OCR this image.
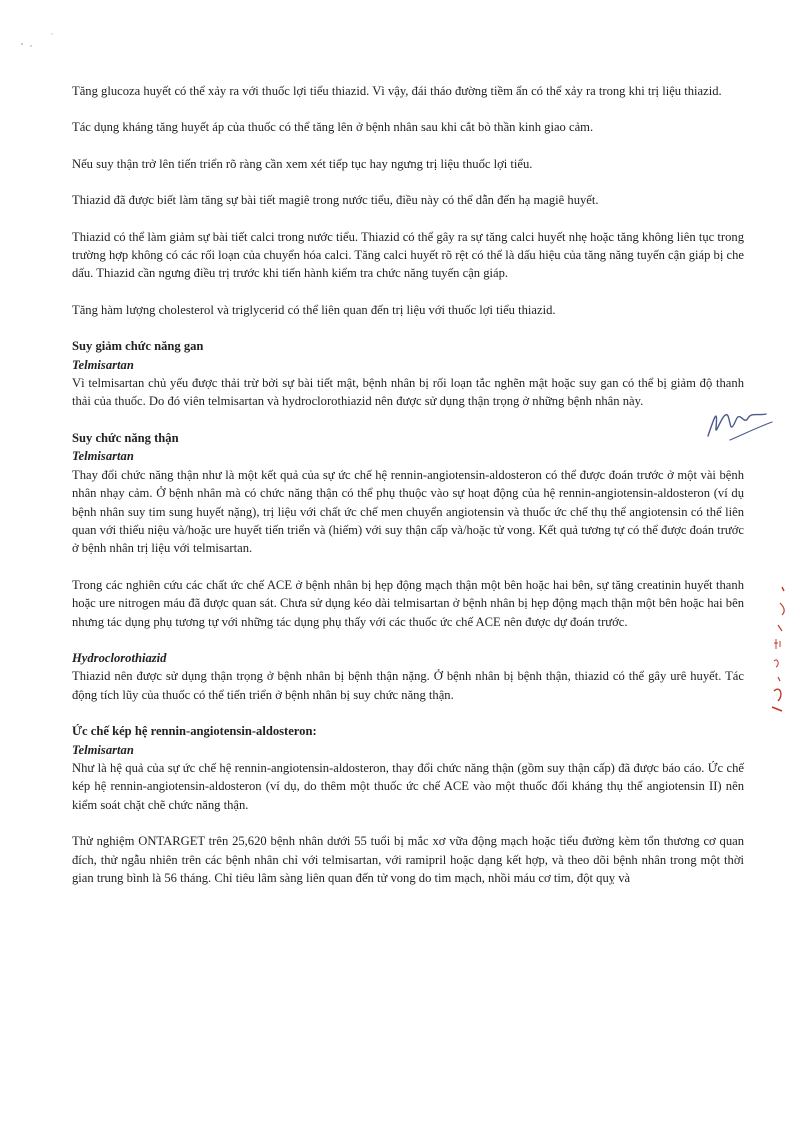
Tăng glucoza huyết có thể xảy ra với thuốc lợi tiểu thiazid. Vì vậy, đái tháo đường tiềm ẩn có thể xảy ra trong khi trị liệu thiazid.

Tác dụng kháng tăng huyết áp của thuốc có thể tăng lên ở bệnh nhân sau khi cắt bỏ thần kinh giao cảm.

Nếu suy thận trở lên tiến triển rõ ràng cần xem xét tiếp tục hay ngưng trị liệu thuốc lợi tiểu.

Thiazid đã được biết làm tăng sự bài tiết magiê trong nước tiểu, điều này có thể dẫn đến hạ magiê huyết.

Thiazid có thể làm giảm sự bài tiết calci trong nước tiểu. Thiazid có thể gây ra sự tăng calci huyết nhẹ hoặc tăng không liên tục trong trường hợp không có các rối loạn của chuyển hóa calci. Tăng calci huyết rõ rệt có thể là dấu hiệu của tăng năng tuyến cận giáp bị che dấu. Thiazid cần ngưng điều trị trước khi tiến hành kiểm tra chức năng tuyến cận giáp.

Tăng hàm lượng cholesterol và triglycerid có thể liên quan đến trị liệu với thuốc lợi tiểu thiazid.

Suy giảm chức năng gan

Telmisartan

Vì telmisartan chủ yếu được thải trừ bởi sự bài tiết mật, bệnh nhân bị rối loạn tắc nghẽn mật hoặc suy gan có thể bị giảm độ thanh thải của thuốc. Do đó viên telmisartan và hydroclorothiazid nên được sử dụng thận trọng ở những bệnh nhân này.

Suy chức năng thận

Telmisartan

Thay đổi chức năng thận như là một kết quả của sự ức chế hệ rennin-angiotensin-aldosteron có thể được đoán trước ở một vài bệnh nhân nhạy cảm. Ở bệnh nhân mà có chức năng thận có thể phụ thuộc vào sự hoạt động của hệ rennin-angiotensin-aldosteron (ví dụ bệnh nhân suy tim sung huyết nặng), trị liệu với chất ức chế men chuyển angiotensin và thuốc ức chế thụ thể angiotensin có thể liên quan với thiểu niệu và/hoặc ure huyết tiến triển và (hiếm) với suy thận cấp và/hoặc tử vong. Kết quả tương tự có thể được đoán trước ở bệnh nhân trị liệu với telmisartan.

Trong các nghiên cứu các chất ức chế ACE ở bệnh nhân bị hẹp động mạch thận một bên hoặc hai bên, sự tăng creatinin huyết thanh hoặc ure nitrogen máu đã được quan sát. Chưa sử dụng kéo dài telmisartan ở bệnh nhân bị hẹp động mạch thận một bên hoặc hai bên nhưng tác dụng phụ tương tự với những tác dụng phụ thấy với các thuốc ức chế ACE nên được dự đoán trước.

Hydroclorothiazid

Thiazid nên được sử dụng thận trọng ở bệnh nhân bị bệnh thận nặng. Ở bệnh nhân bị bệnh thận, thiazid có thể gây urê huyết. Tác động tích lũy của thuốc có thể tiến triển ở bệnh nhân bị suy chức năng thận.

Ức chế kép hệ rennin-angiotensin-aldosteron:

Telmisartan

Như là hệ quả của sự ức chế hệ rennin-angiotensin-aldosteron, thay đổi chức năng thận (gồm suy thận cấp) đã được báo cáo. Ức chế kép hệ rennin-angiotensin-aldosteron (ví dụ, do thêm một thuốc ức chế ACE vào một thuốc đối kháng thụ thể angiotensin II) nên kiểm soát chặt chẽ chức năng thận.

Thử nghiệm ONTARGET trên 25,620 bệnh nhân dưới 55 tuổi bị mắc xơ vữa động mạch hoặc tiểu đường kèm tổn thương cơ quan đích, thử ngẫu nhiên trên các bệnh nhân chỉ với telmisartan, với ramipril hoặc dạng kết hợp, và theo dõi bệnh nhân trong một thời gian trung bình là 56 tháng. Chỉ tiêu lâm sàng liên quan đến tử vong do tim mạch, nhồi máu cơ tim, đột quỵ và
